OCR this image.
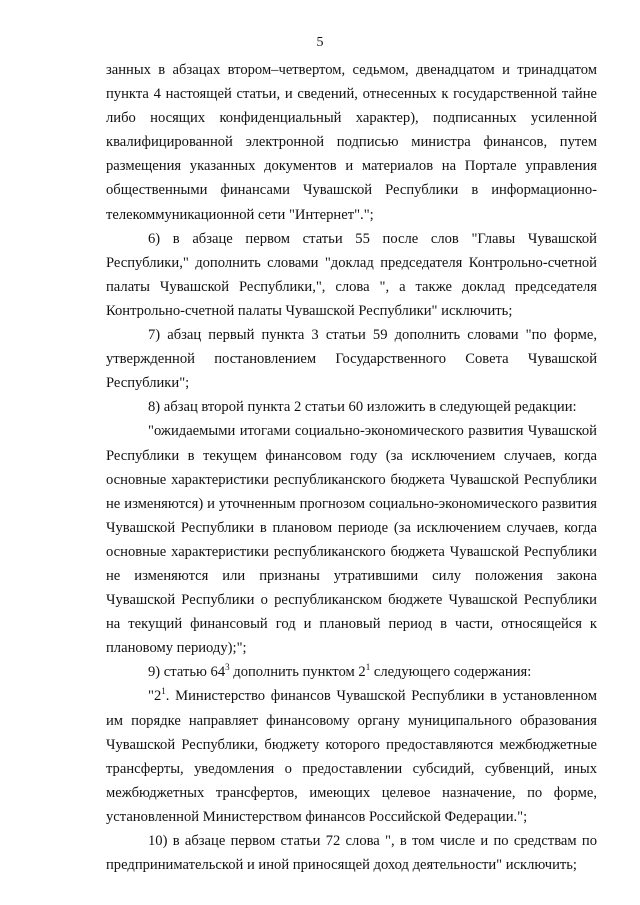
5

занных в абзацах втором–четвертом, седьмом, двенадцатом и тринадцатом пункта 4 настоящей статьи, и сведений, отнесенных к государственной тайне либо носящих конфиденциальный характер), подписанных усиленной квалифицированной электронной подписью министра финансов, путем размещения указанных документов и материалов на Портале управления общественными финансами Чувашской Республики в информационно-телекоммуникационной сети "Интернет".";

6) в абзаце первом статьи 55 после слов "Главы Чувашской Республики," дополнить словами "доклад председателя Контрольно-счетной палаты Чувашской Республики,", слова ", а также доклад председателя Контрольно-счетной палаты Чувашской Республики" исключить;

7) абзац первый пункта 3 статьи 59 дополнить словами "по форме, утвержденной постановлением Государственного Совета Чувашской Республики";

8) абзац второй пункта 2 статьи 60 изложить в следующей редакции:

"ожидаемыми итогами социально-экономического развития Чувашской Республики в текущем финансовом году (за исключением случаев, когда основные характеристики республиканского бюджета Чувашской Республики не изменяются) и уточненным прогнозом социально-экономического развития Чувашской Республики в плановом периоде (за исключением случаев, когда основные характеристики республиканского бюджета Чувашской Республики не изменяются или признаны утратившими силу положения закона Чувашской Республики о республиканском бюджете Чувашской Республики на текущий финансовый год и плановый период в части, относящейся к плановому периоду);";

9) статью $64^3$ дополнить пунктом $2^1$ следующего содержания:

"$2^1$. Министерство финансов Чувашской Республики в установленном им порядке направляет финансовому органу муниципального образования Чувашской Республики, бюджету которого предоставляются межбюджетные трансферты, уведомления о предоставлении субсидий, субвенций, иных межбюджетных трансфертов, имеющих целевое назначение, по форме, установленной Министерством финансов Российской Федерации.";

10) в абзаце первом статьи 72 слова ", в том числе и по средствам по предпринимательской и иной приносящей доход деятельности" исключить;
